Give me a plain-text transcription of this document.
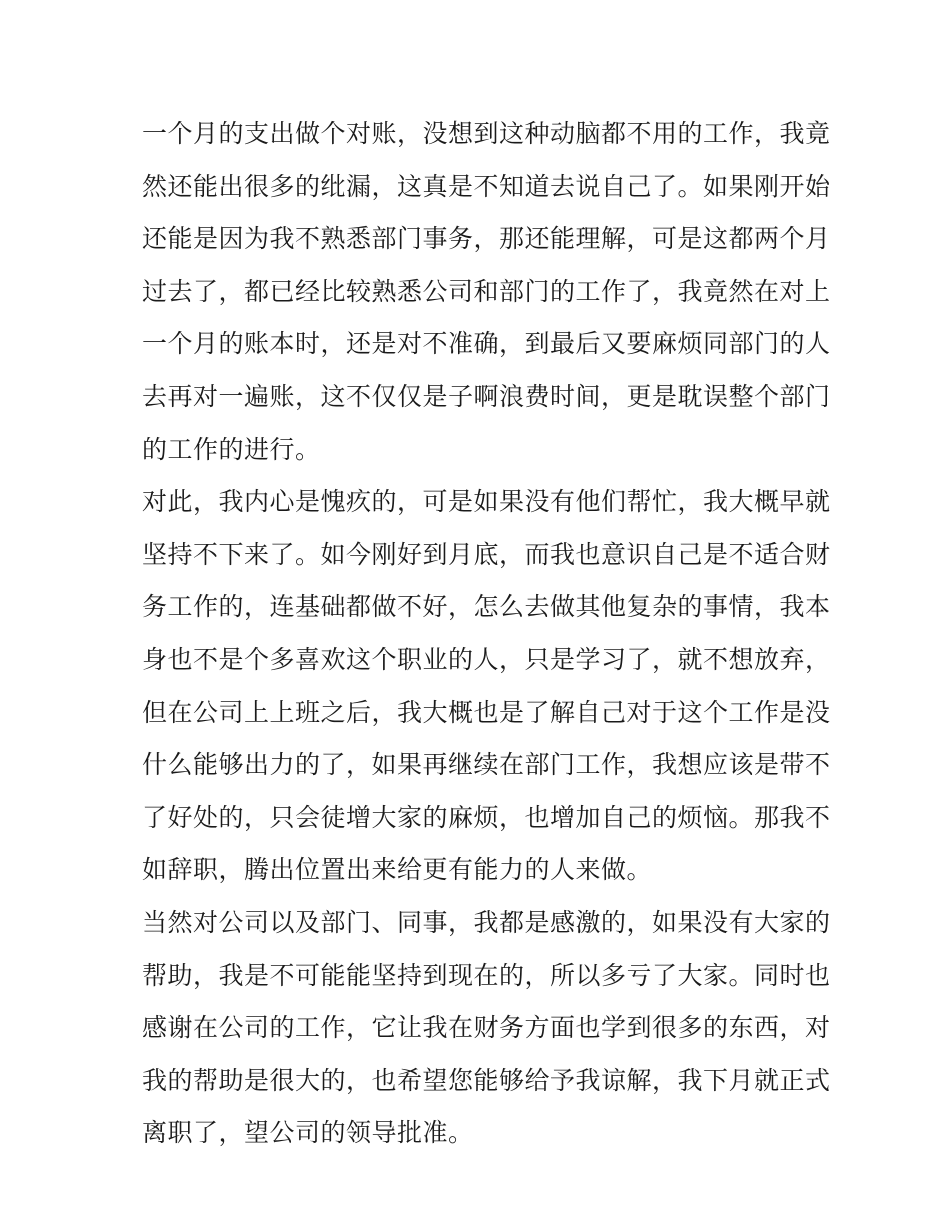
一个月的支出做个对账，没想到这种动脑都不用的工作，我竟
然还能出很多的纰漏，这真是不知道去说自己了。如果刚开始
还能是因为我不熟悉部门事务，那还能理解，可是这都两个月
过去了，都已经比较熟悉公司和部门的工作了，我竟然在对上
一个月的账本时，还是对不准确，到最后又要麻烦同部门的人
去再对一遍账，这不仅仅是子啊浪费时间，更是耽误整个部门
的工作的进行。
对此，我内心是愧疚的，可是如果没有他们帮忙，我大概早就
坚持不下来了。如今刚好到月底，而我也意识自己是不适合财
务工作的，连基础都做不好，怎么去做其他复杂的事情，我本
身也不是个多喜欢这个职业的人，只是学习了，就不想放弃，
但在公司上上班之后，我大概也是了解自己对于这个工作是没
什么能够出力的了，如果再继续在部门工作，我想应该是带不
了好处的，只会徒增大家的麻烦，也增加自己的烦恼。那我不
如辞职，腾出位置出来给更有能力的人来做。
当然对公司以及部门、同事，我都是感激的，如果没有大家的
帮助，我是不可能能坚持到现在的，所以多亏了大家。同时也
感谢在公司的工作，它让我在财务方面也学到很多的东西，对
我的帮助是很大的，也希望您能够给予我谅解，我下月就正式
离职了，望公司的领导批准。
